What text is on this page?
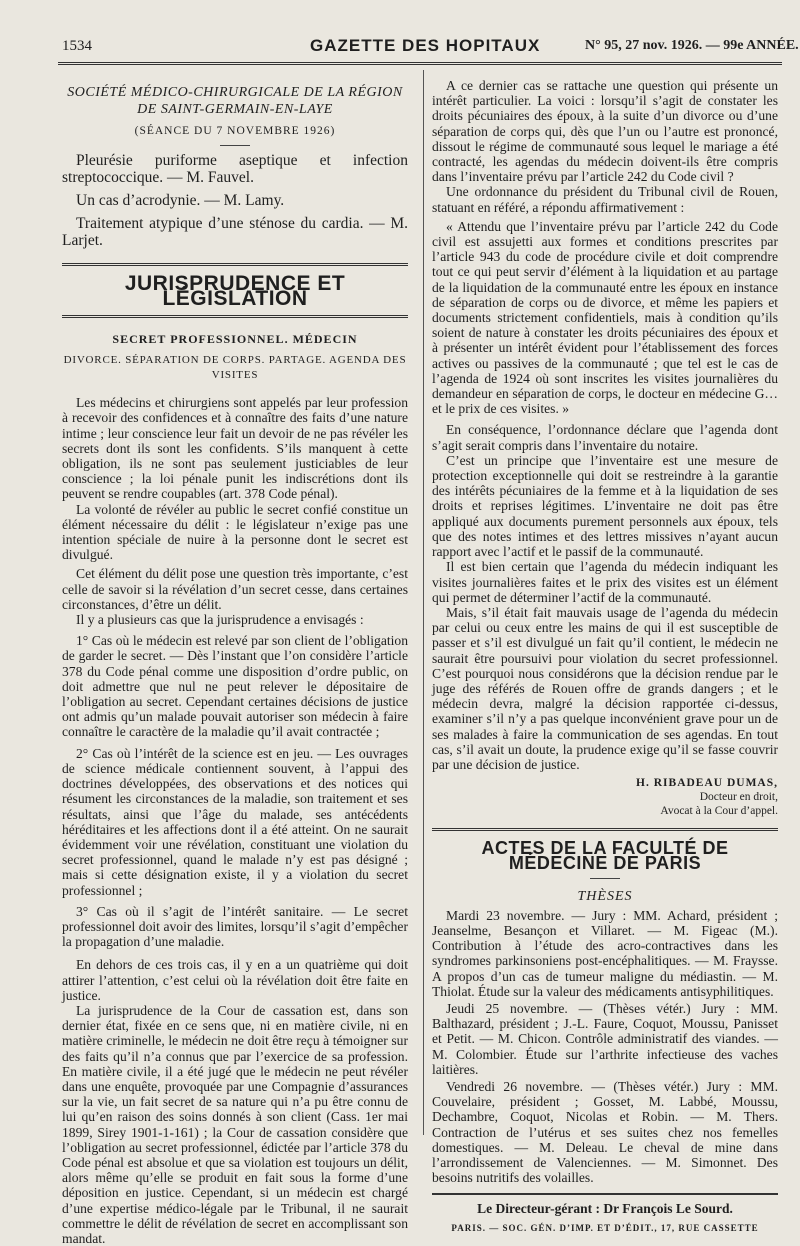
1534	GAZETTE DES HOPITAUX	N° 95, 27 nov. 1926. — 99e ANNÉE.

SOCIÉTÉ MÉDICO-CHIRURGICALE DE LA RÉGION DE SAINT-GERMAIN-EN-LAYE

(SÉANCE DU 7 NOVEMBRE 1926)

Pleurésie puriforme aseptique et infection streptococcique. — M. Fauvel.

Un cas d’acrodynie. — M. Lamy.

Traitement atypique d’une sténose du cardia. — M. Larjet.

JURISPRUDENCE ET LÉGISLATION

SECRET PROFESSIONNEL. MÉDECIN

DIVORCE. SÉPARATION DE CORPS. PARTAGE. AGENDA DES VISITES

Les médecins et chirurgiens sont appelés par leur profession à recevoir des confidences et à connaître des faits d’une nature intime ; leur conscience leur fait un devoir de ne pas révéler les secrets dont ils sont les confidents. S’ils manquent à cette obligation, ils ne sont pas seulement justiciables de leur conscience ; la loi pénale punit les indiscrétions dont ils peuvent se rendre coupables (art. 378 Code pénal).

La volonté de révéler au public le secret confié constitue un élément nécessaire du délit : le législateur n’exige pas une intention spéciale de nuire à la personne dont le secret est divulgué.

Cet élément du délit pose une question très importante, c’est celle de savoir si la révélation d’un secret cesse, dans certaines circonstances, d’être un délit.

Il y a plusieurs cas que la jurisprudence a envisagés :

1° Cas où le médecin est relevé par son client de l’obligation de garder le secret. — Dès l’instant que l’on considère l’article 378 du Code pénal comme une disposition d’ordre public, on doit admettre que nul ne peut relever le dépositaire de l’obligation au secret. Cependant certaines décisions de justice ont admis qu’un malade pouvait autoriser son médecin à faire connaître le caractère de la maladie qu’il avait contractée ;

2° Cas où l’intérêt de la science est en jeu. — Les ouvrages de science médicale contiennent souvent, à l’appui des doctrines développées, des observations et des notices qui résument les circonstances de la maladie, son traitement et ses résultats, ainsi que l’âge du malade, ses antécédents héréditaires et les affections dont il a été atteint. On ne saurait évidemment voir une révélation, constituant une violation du secret professionnel, quand le malade n’y est pas désigné ; mais si cette désignation existe, il y a violation du secret professionnel ;

3° Cas où il s’agit de l’intérêt sanitaire. — Le secret professionnel doit avoir des limites, lorsqu’il s’agit d’empêcher la propagation d’une maladie.

En dehors de ces trois cas, il y en a un quatrième qui doit attirer l’attention, c’est celui où la révélation doit être faite en justice.

La jurisprudence de la Cour de cassation est, dans son dernier état, fixée en ce sens que, ni en matière civile, ni en matière criminelle, le médecin ne doit être reçu à témoigner sur des faits qu’il n’a connus que par l’exercice de sa profession. En matière civile, il a été jugé que le médecin ne peut révéler dans une enquête, provoquée par une Compagnie d’assurances sur la vie, un fait secret de sa nature qui n’a pu être connu de lui qu’en raison des soins donnés à son client (Cass. 1er mai 1899, Sirey 1901-1-161) ; la Cour de cassation considère que l’obligation au secret professionnel, édictée par l’article 378 du Code pénal est absolue et que sa violation est toujours un délit, alors même qu’elle se produit en fait sous la forme d’une déposition en justice. Cependant, si un médecin est chargé d’une expertise médico-légale par le Tribunal, il ne saurait commettre le délit de révélation de secret en accomplissant son mandat.

A ce dernier cas se rattache une question qui présente un intérêt particulier. La voici : lorsqu’il s’agit de constater les droits pécuniaires des époux, à la suite d’un divorce ou d’une séparation de corps qui, dès que l’un ou l’autre est prononcé, dissout le régime de communauté sous lequel le mariage a été contracté, les agendas du médecin doivent-ils être compris dans l’inventaire prévu par l’article 242 du Code civil ?

Une ordonnance du président du Tribunal civil de Rouen, statuant en référé, a répondu affirmativement :

« Attendu que l’inventaire prévu par l’article 242 du Code civil est assujetti aux formes et conditions prescrites par l’article 943 du code de procédure civile et doit comprendre tout ce qui peut servir d’élément à la liquidation et au partage de la liquidation de la communauté entre les époux en instance de séparation de corps ou de divorce, et même les papiers et documents strictement confidentiels, mais à condition qu’ils soient de nature à constater les droits pécuniaires des époux et à présenter un intérêt évident pour l’établissement des forces actives ou passives de la communauté ; que tel est le cas de l’agenda de 1924 où sont inscrites les visites journalières du demandeur en séparation de corps, le docteur en médecine G… et le prix de ces visites. »

En conséquence, l’ordonnance déclare que l’agenda dont s’agit serait compris dans l’inventaire du notaire.

C’est un principe que l’inventaire est une mesure de protection exceptionnelle qui doit se restreindre à la garantie des intérêts pécuniaires de la femme et à la liquidation de ses droits et reprises légitimes. L’inventaire ne doit pas être appliqué aux documents purement personnels aux époux, tels que des notes intimes et des lettres missives n’ayant aucun rapport avec l’actif et le passif de la communauté.

Il est bien certain que l’agenda du médecin indiquant les visites journalières faites et le prix des visites est un élément qui permet de déterminer l’actif de la communauté.

Mais, s’il était fait mauvais usage de l’agenda du médecin par celui ou ceux entre les mains de qui il est susceptible de passer et s’il est divulgué un fait qu’il contient, le médecin ne saurait être poursuivi pour violation du secret professionnel. C’est pourquoi nous considérons que la décision rendue par le juge des référés de Rouen offre de grands dangers ; et le médecin devra, malgré la décision rapportée ci-dessus, examiner s’il n’y a pas quelque inconvénient grave pour un de ses malades à faire la communication de ses agendas. En tout cas, s’il avait un doute, la prudence exige qu’il se fasse couvrir par une décision de justice.

H. RIBADEAU DUMAS,
Docteur en droit,
Avocat à la Cour d’appel.

ACTES DE LA FACULTÉ DE MÉDECINE DE PARIS

THÈSES

Mardi 23 novembre. — Jury : MM. Achard, président ; Jeanselme, Besançon et Villaret. — M. Figeac (M.). Contribution à l’étude des acro-contractives dans les syndromes parkinsoniens post-encéphalitiques. — M. Fraysse. A propos d’un cas de tumeur maligne du médiastin. — M. Thiolat. Étude sur la valeur des médicaments antisyphilitiques.

Jeudi 25 novembre. — (Thèses vétér.) Jury : MM. Balthazard, président ; J.-L. Faure, Coquot, Moussu, Panisset et Petit. — M. Chicon. Contrôle administratif des viandes. — M. Colombier. Étude sur l’arthrite infectieuse des vaches laitières.

Vendredi 26 novembre. — (Thèses vétér.) Jury : MM. Couvelaire, président ; Gosset, M. Labbé, Moussu, Dechambre, Coquot, Nicolas et Robin. — M. Thers. Contraction de l’utérus et ses suites chez nos femelles domestiques. — M. Deleau. Le cheval de mine dans l’arrondissement de Valenciennes. — M. Simonnet. Des besoins nutritifs des volailles.

Le Directeur-gérant : Dr François Le Sourd.

PARIS. — SOC. GÉN. D’IMP. ET D’ÉDIT., 17, RUE CASSETTE
